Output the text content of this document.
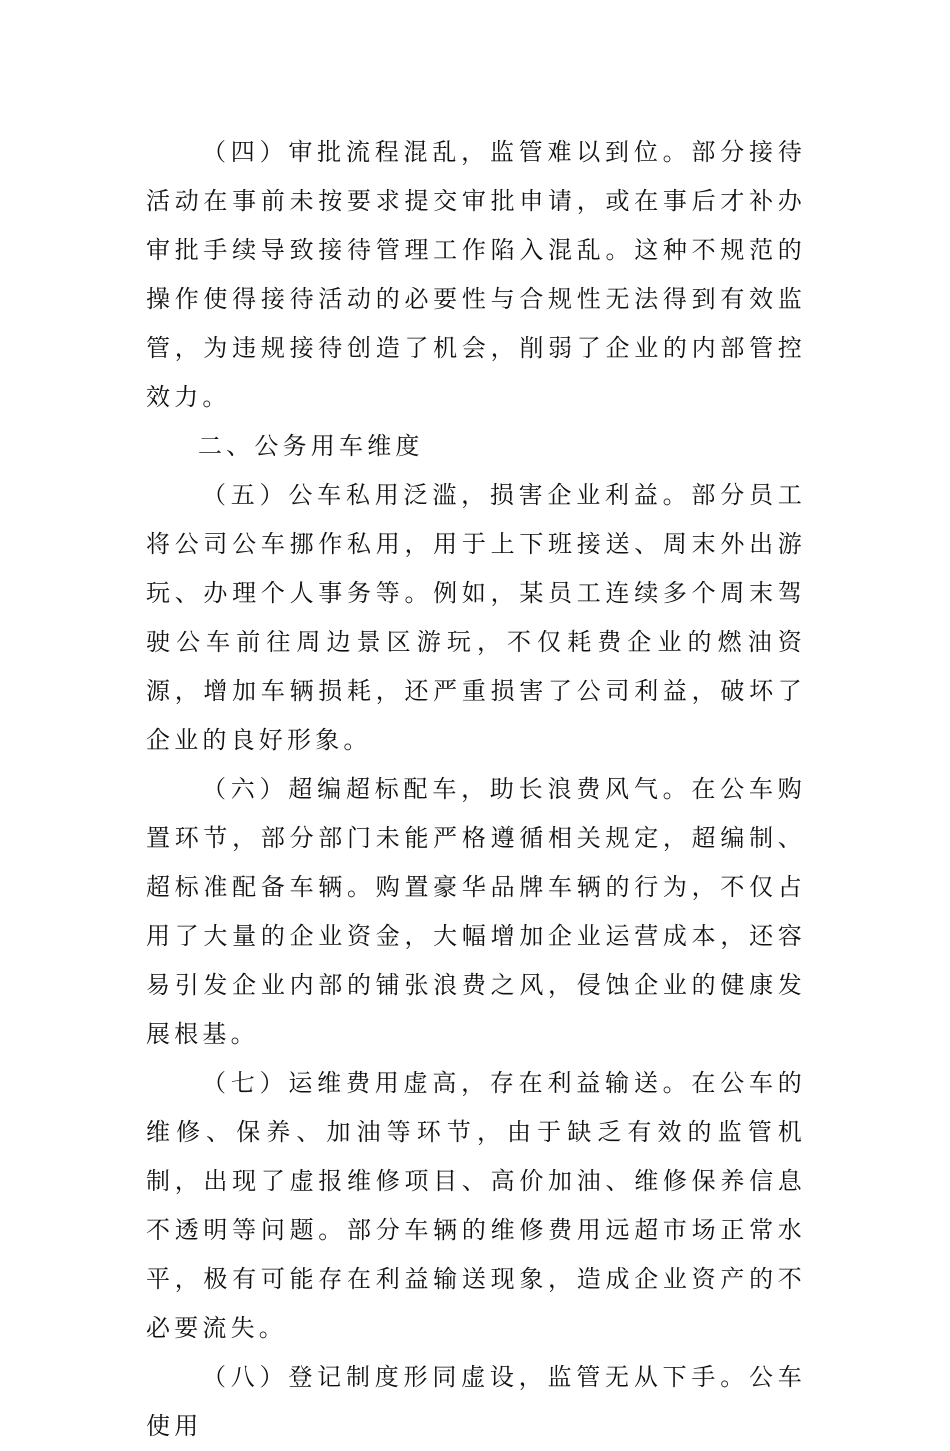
（四）审批流程混乱，监管难以到位。部分接待活动在事前未按要求提交审批申请，或在事后才补办审批手续导致接待管理工作陷入混乱。这种不规范的操作使得接待活动的必要性与合规性无法得到有效监管，为违规接待创造了机会，削弱了企业的内部管控效力。

二、公务用车维度

（五）公车私用泛滥，损害企业利益。部分员工将公司公车挪作私用，用于上下班接送、周末外出游玩、办理个人事务等。例如，某员工连续多个周末驾驶公车前往周边景区游玩，不仅耗费企业的燃油资源，增加车辆损耗，还严重损害了公司利益，破坏了企业的良好形象。

（六）超编超标配车，助长浪费风气。在公车购置环节，部分部门未能严格遵循相关规定，超编制、超标准配备车辆。购置豪华品牌车辆的行为，不仅占用了大量的企业资金，大幅增加企业运营成本，还容易引发企业内部的铺张浪费之风，侵蚀企业的健康发展根基。

（七）运维费用虚高，存在利益输送。在公车的维修、保养、加油等环节，由于缺乏有效的监管机制，出现了虚报维修项目、高价加油、维修保养信息不透明等问题。部分车辆的维修费用远超市场正常水平，极有可能存在利益输送现象，造成企业资产的不必要流失。

（八）登记制度形同虚设，监管无从下手。公车使用
